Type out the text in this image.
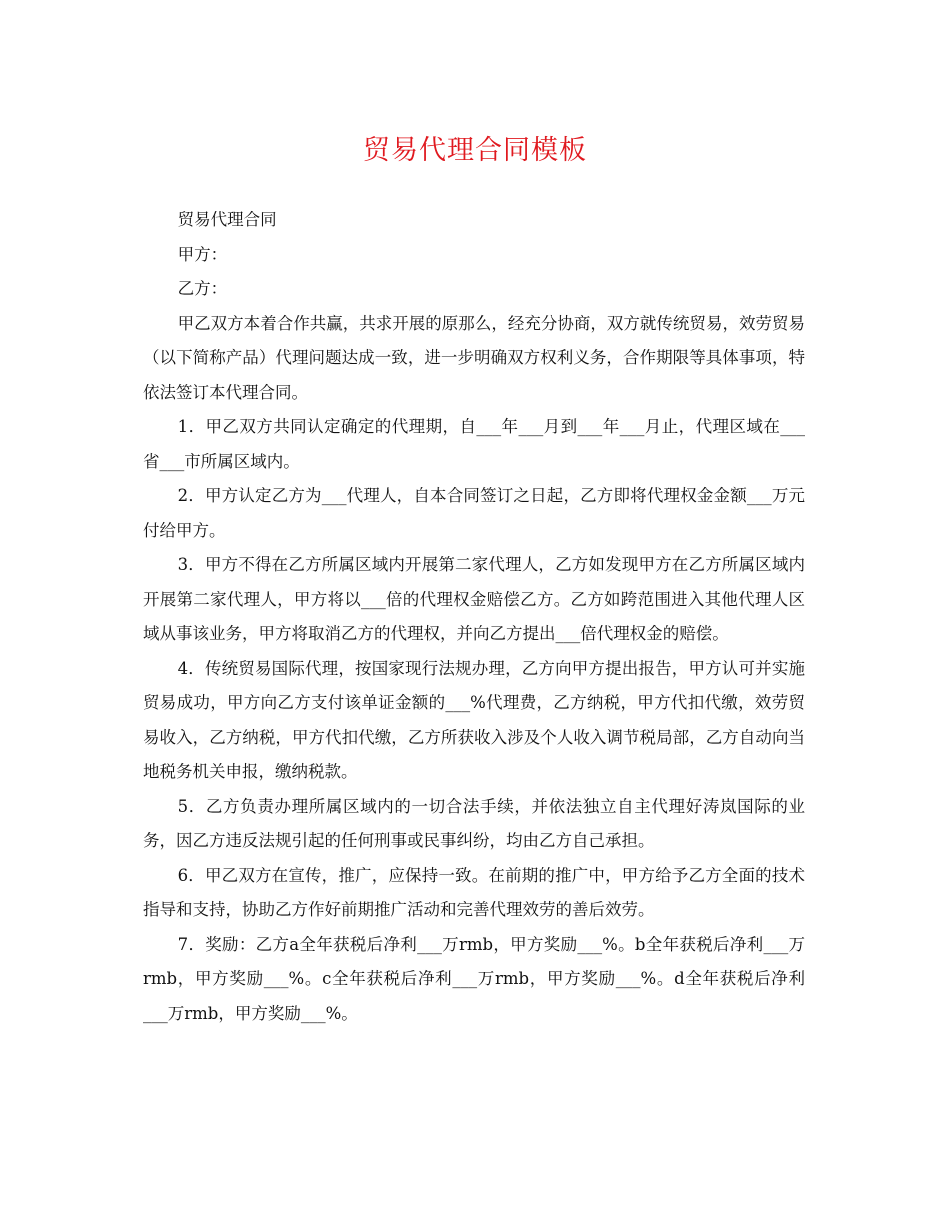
贸易代理合同模板

贸易代理合同

甲方：

乙方：

甲乙双方本着合作共赢，共求开展的原那么，经充分协商，双方就传统贸易，效劳贸易（以下简称产品）代理问题达成一致，进一步明确双方权利义务，合作期限等具体事项，特依法签订本代理合同。

1．甲乙双方共同认定确定的代理期，自___年___月到___年___月止，代理区域在___省___市所属区域内。

2．甲方认定乙方为___代理人，自本合同签订之日起，乙方即将代理权金金额___万元付给甲方。

3．甲方不得在乙方所属区域内开展第二家代理人，乙方如发现甲方在乙方所属区域内开展第二家代理人，甲方将以___倍的代理权金赔偿乙方。乙方如跨范围进入其他代理人区域从事该业务，甲方将取消乙方的代理权，并向乙方提出___倍代理权金的赔偿。

4．传统贸易国际代理，按国家现行法规办理，乙方向甲方提出报告，甲方认可并实施贸易成功，甲方向乙方支付该单证金额的___%代理费，乙方纳税，甲方代扣代缴，效劳贸易收入，乙方纳税，甲方代扣代缴，乙方所获收入涉及个人收入调节税局部，乙方自动向当地税务机关申报，缴纳税款。

5．乙方负责办理所属区域内的一切合法手续，并依法独立自主代理好涛岚国际的业务，因乙方违反法规引起的任何刑事或民事纠纷，均由乙方自己承担。

6．甲乙双方在宣传，推广，应保持一致。在前期的推广中，甲方给予乙方全面的技术指导和支持，协助乙方作好前期推广活动和完善代理效劳的善后效劳。

7．奖励：乙方a全年获税后净利___万rmb，甲方奖励___%。b全年获税后净利___万rmb，甲方奖励___%。c全年获税后净利___万rmb，甲方奖励___%。d全年获税后净利___万rmb，甲方奖励___%。
